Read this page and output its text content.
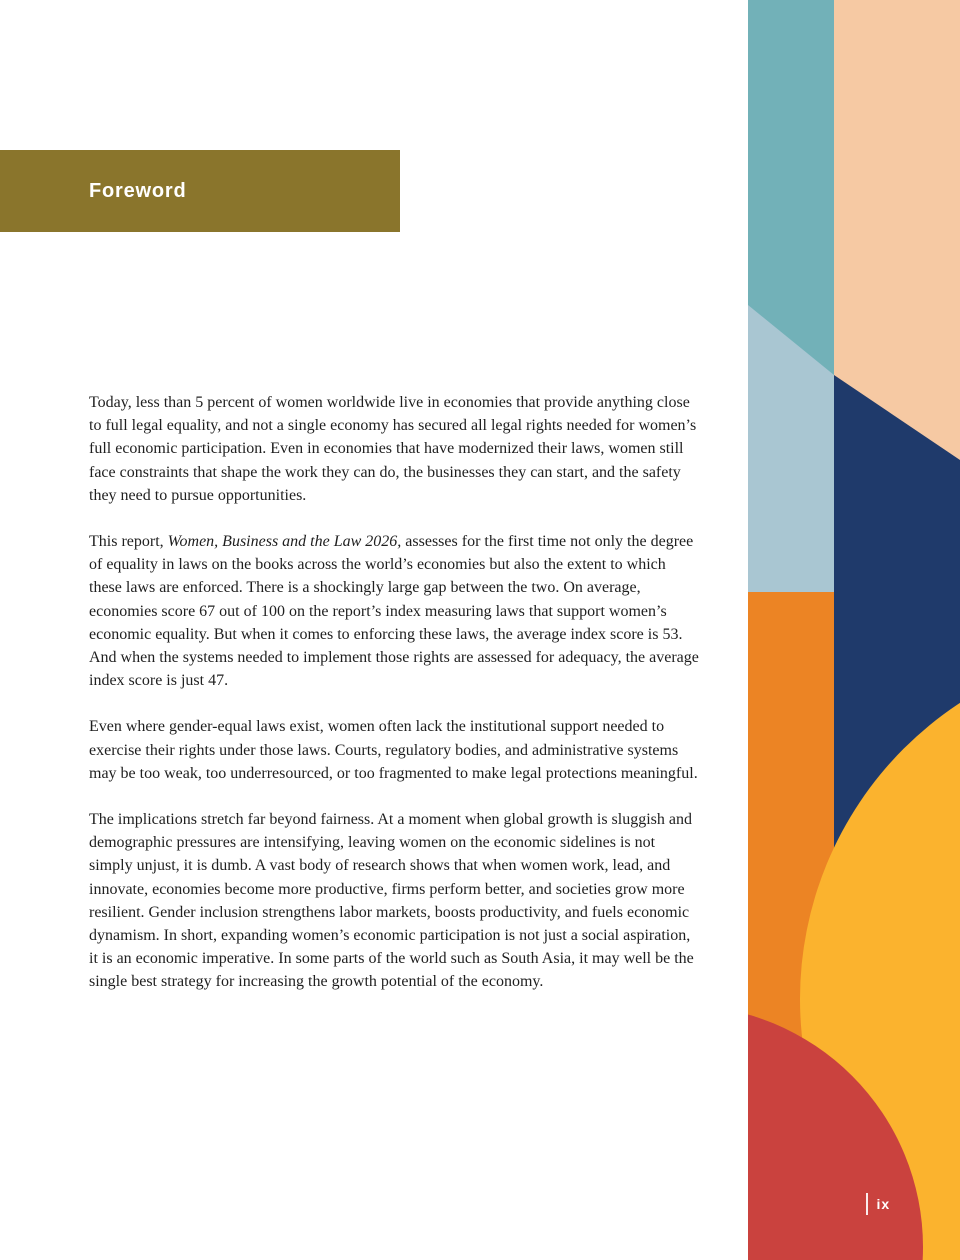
Foreword

Today, less than 5 percent of women worldwide live in economies that provide anything close to full legal equality, and not a single economy has secured all legal rights needed for women’s full economic participation. Even in economies that have modernized their laws, women still face constraints that shape the work they can do, the businesses they can start, and the safety they need to pursue opportunities.

This report, Women, Business and the Law 2026, assesses for the first time not only the degree of equality in laws on the books across the world’s economies but also the extent to which these laws are enforced. There is a shockingly large gap between the two. On average, economies score 67 out of 100 on the report’s index measuring laws that support women’s economic equality. But when it comes to enforcing these laws, the average index score is 53. And when the systems needed to implement those rights are assessed for adequacy, the average index score is just 47.

Even where gender-equal laws exist, women often lack the institutional support needed to exercise their rights under those laws. Courts, regulatory bodies, and administrative systems may be too weak, too underresourced, or too fragmented to make legal protections meaningful.

The implications stretch far beyond fairness. At a moment when global growth is sluggish and demographic pressures are intensifying, leaving women on the economic sidelines is not simply unjust, it is dumb. A vast body of research shows that when women work, lead, and innovate, economies become more productive, firms perform better, and societies grow more resilient. Gender inclusion strengthens labor markets, boosts productivity, and fuels economic dynamism. In short, expanding women’s economic participation is not just a social aspiration, it is an economic imperative. In some parts of the world such as South Asia, it may well be the single best strategy for increasing the growth potential of the economy.

ix
